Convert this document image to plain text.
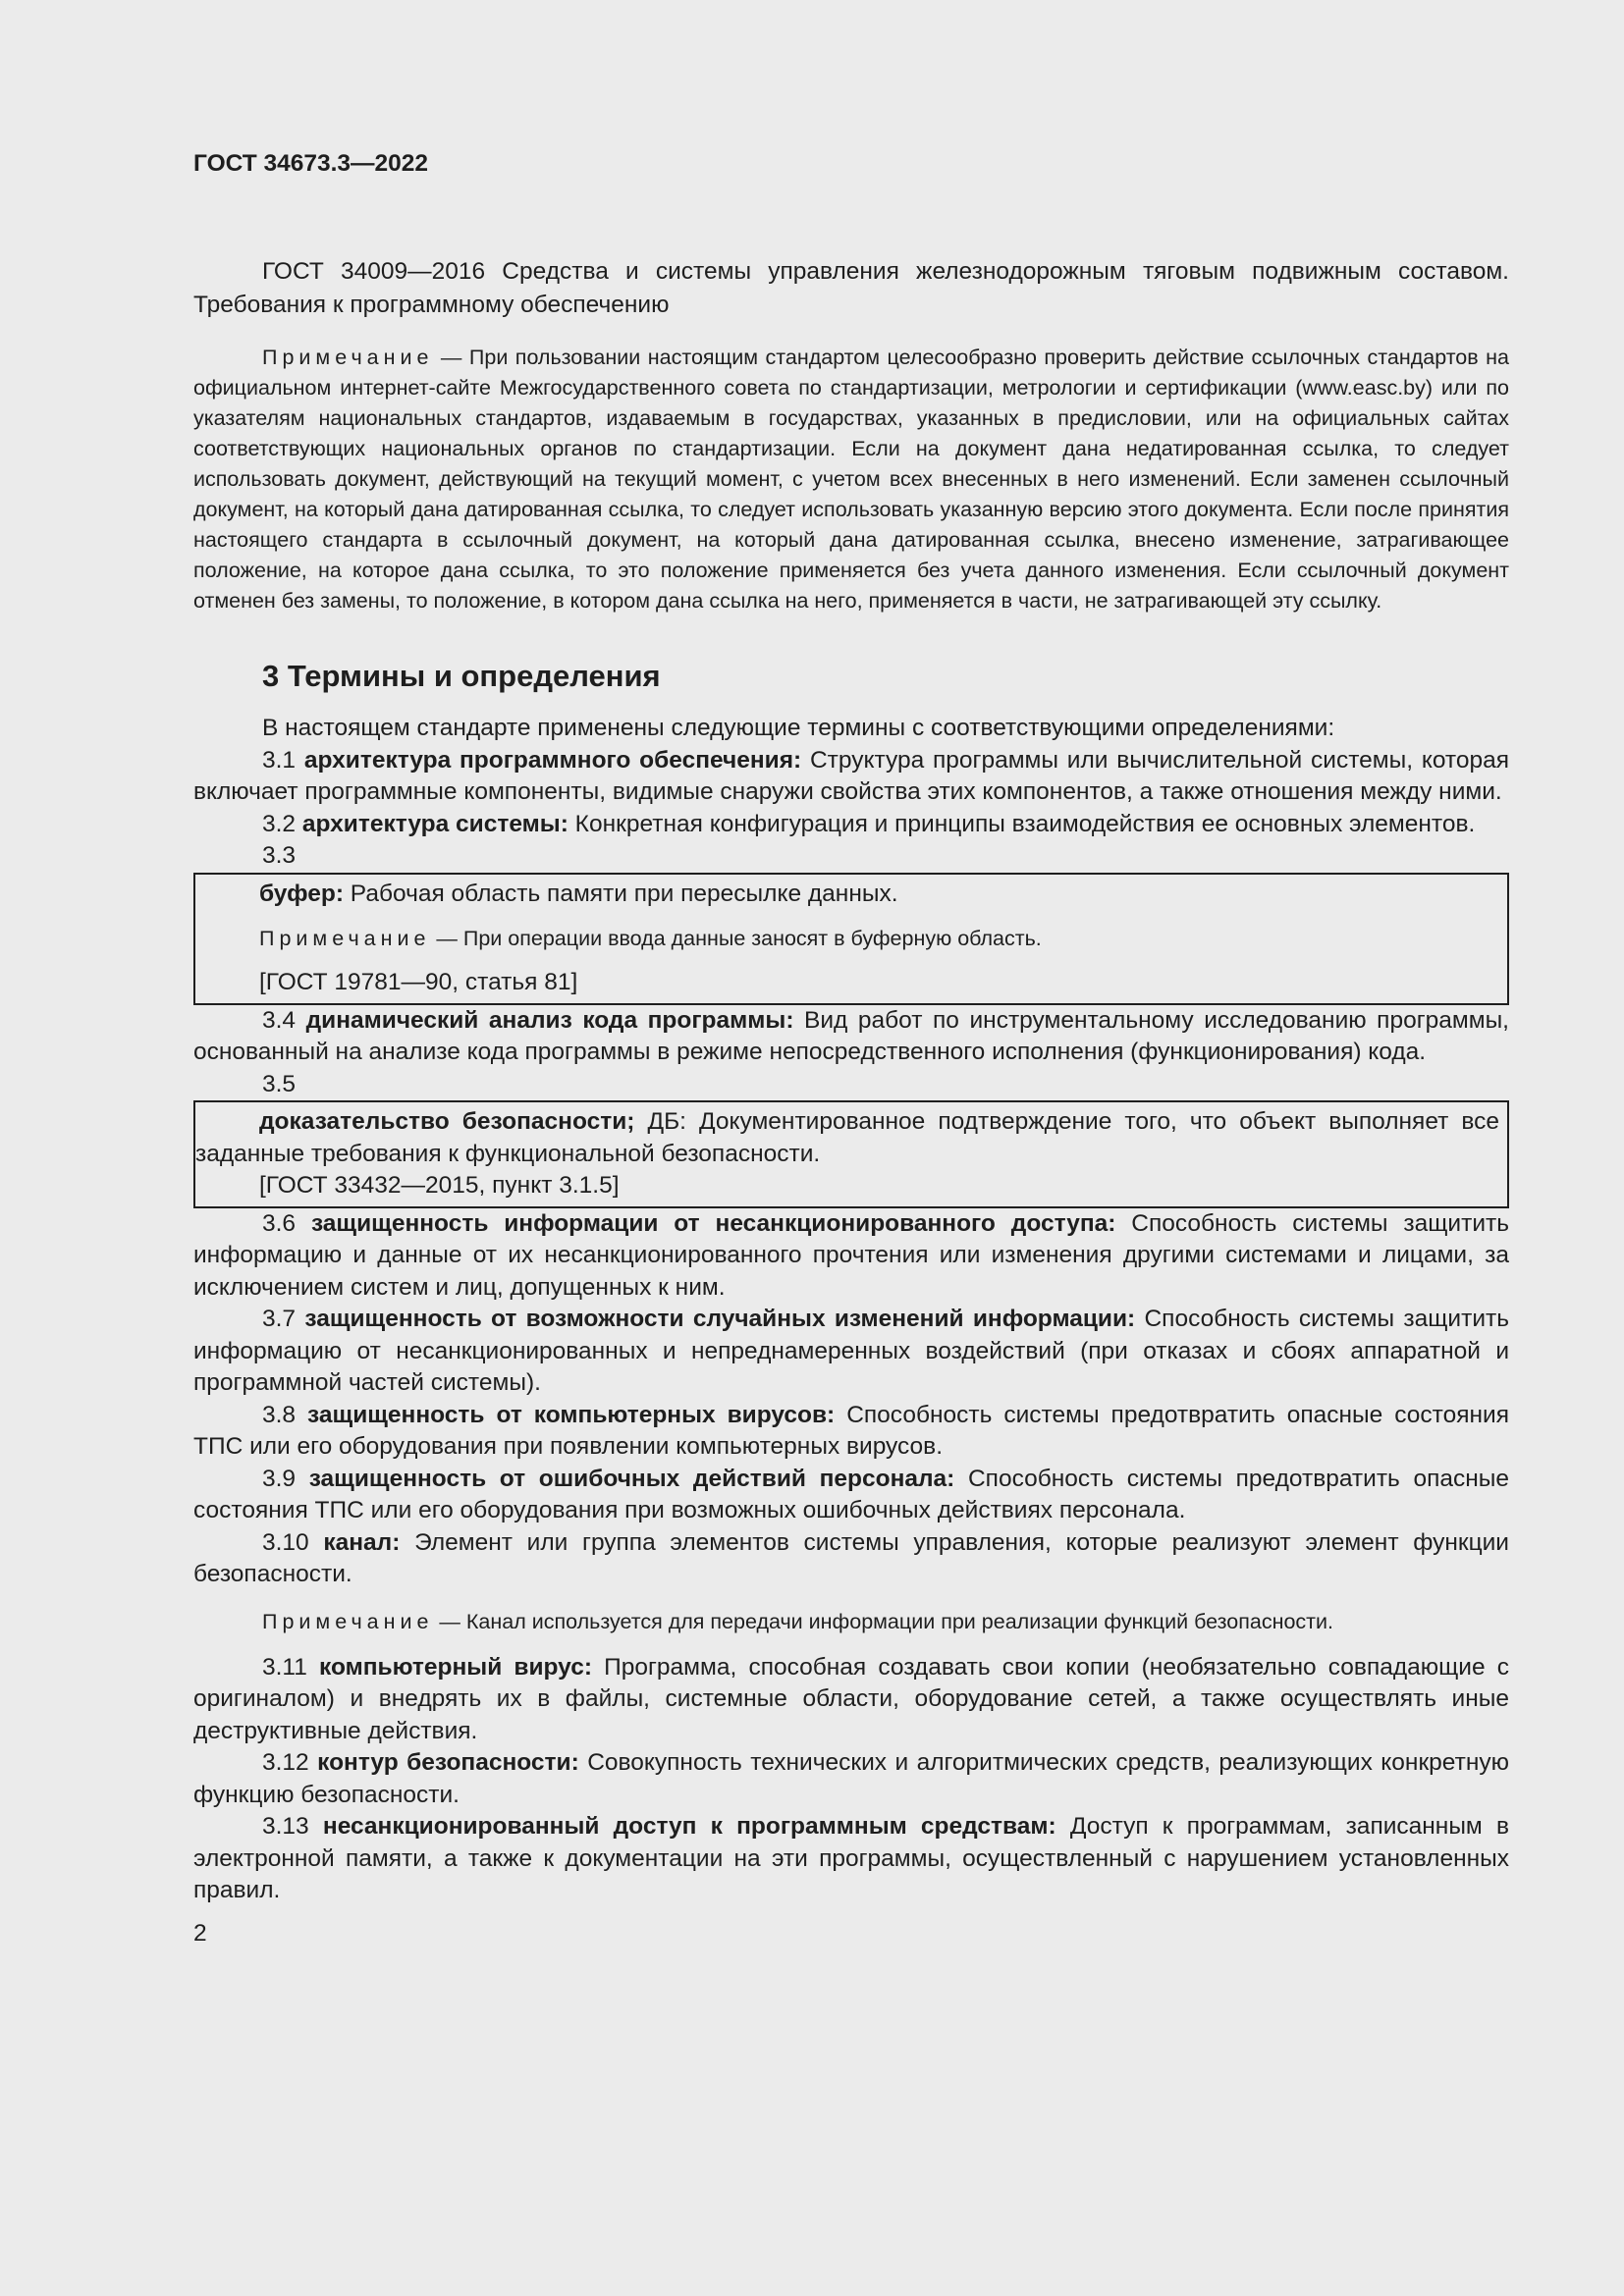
ГОСТ 34673.3—2022

ГОСТ 34009—2016 Средства и системы управления железнодорожным тяговым подвижным составом. Требования к программному обеспечению

Примечание — При пользовании настоящим стандартом целесообразно проверить действие ссылочных стандартов на официальном интернет-сайте Межгосударственного совета по стандартизации, метрологии и сертификации (www.easc.by) или по указателям национальных стандартов, издаваемым в государствах, указанных в предисловии, или на официальных сайтах соответствующих национальных органов по стандартизации. Если на документ дана недатированная ссылка, то следует использовать документ, действующий на текущий момент, с учетом всех внесенных в него изменений. Если заменен ссылочный документ, на который дана датированная ссылка, то следует использовать указанную версию этого документа. Если после принятия настоящего стандарта в ссылочный документ, на который дана датированная ссылка, внесено изменение, затрагивающее положение, на которое дана ссылка, то это положение применяется без учета данного изменения. Если ссылочный документ отменен без замены, то положение, в котором дана ссылка на него, применяется в части, не затрагивающей эту ссылку.

3 Термины и определения

В настоящем стандарте применены следующие термины с соответствующими определениями:

3.1 архитектура программного обеспечения: Структура программы или вычислительной системы, которая включает программные компоненты, видимые снаружи свойства этих компонентов, а также отношения между ними.

3.2 архитектура системы: Конкретная конфигурация и принципы взаимодействия ее основных элементов.

3.3

буфер: Рабочая область памяти при пересылке данных.

Примечание — При операции ввода данные заносят в буферную область.

[ГОСТ 19781—90, статья 81]

3.4 динамический анализ кода программы: Вид работ по инструментальному исследованию программы, основанный на анализе кода программы в режиме непосредственного исполнения (функционирования) кода.

3.5

доказательство безопасности; ДБ: Документированное подтверждение того, что объект выполняет все заданные требования к функциональной безопасности.

[ГОСТ 33432—2015, пункт 3.1.5]

3.6 защищенность информации от несанкционированного доступа: Способность системы защитить информацию и данные от их несанкционированного прочтения или изменения другими системами и лицами, за исключением систем и лиц, допущенных к ним.

3.7 защищенность от возможности случайных изменений информации: Способность системы защитить информацию от несанкционированных и непреднамеренных воздействий (при отказах и сбоях аппаратной и программной частей системы).

3.8 защищенность от компьютерных вирусов: Способность системы предотвратить опасные состояния ТПС или его оборудования при появлении компьютерных вирусов.

3.9 защищенность от ошибочных действий персонала: Способность системы предотвратить опасные состояния ТПС или его оборудования при возможных ошибочных действиях персонала.

3.10 канал: Элемент или группа элементов системы управления, которые реализуют элемент функции безопасности.

Примечание — Канал используется для передачи информации при реализации функций безопасности.

3.11 компьютерный вирус: Программа, способная создавать свои копии (необязательно совпадающие с оригиналом) и внедрять их в файлы, системные области, оборудование сетей, а также осуществлять иные деструктивные действия.

3.12 контур безопасности: Совокупность технических и алгоритмических средств, реализующих конкретную функцию безопасности.

3.13 несанкционированный доступ к программным средствам: Доступ к программам, записанным в электронной памяти, а также к документации на эти программы, осуществленный с нарушением установленных правил.

2
